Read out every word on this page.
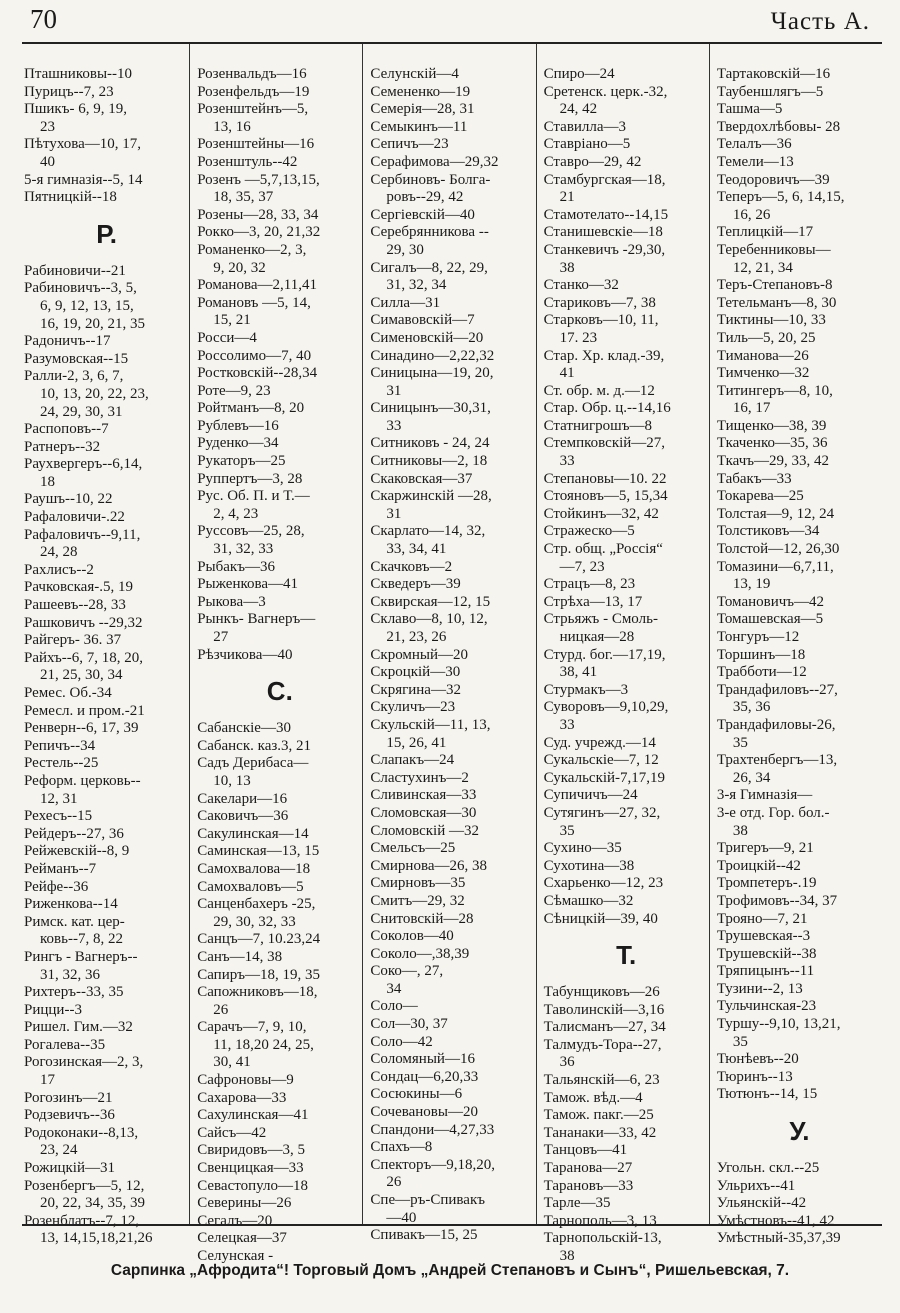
70	Часть А.
Пташниковы--10
Пурицъ--7, 23
Пшикъ- 6, 9, 19,
23
Пѣтухова—10, 17,
40
5-я гимназія--5, 14
Пятницкій--18
Р.
Рабиновичи--21
Рабиновичъ--3, 5,
6, 9, 12, 13, 15,
16, 19, 20, 21, 35
Радоничъ--17
Разумовская--15
Ралли-2, 3, 6, 7,
10, 13, 20, 22, 23,
24, 29, 30, 31
Распоповъ--7
Ратнеръ--32
Раухвергеръ--6,14,
18
Раушъ--10, 22
Рафаловичи-.22
Рафаловичъ--9,11,
24, 28
Рахлисъ--2
Рачковская-.5, 19
Рашеевъ--28, 33
Рашковичъ --29,32
Райгеръ- 36. 37
Райхъ--6, 7, 18, 20,
21, 25, 30, 34
Ремес. Об.-34
Ремесл. и пром.-21
Ренверн--6, 17, 39
Репичъ--34
Рестель--25
Реформ. церковь--
12, 31
Рехесъ--15
Рейдеръ--27, 36
Рейжевскій--8, 9
Рейманъ--7
Рейфе--36
Риженкова--14
Римск. кат. цер-
ковь--7, 8, 22
Рингъ - Вагнеръ--
31, 32, 36
Рихтеръ--33, 35
Рицци--3
Ришел. Гим.—32
Рогалева--35
Рогозинская—2, 3,
17
Рогозинъ—21
Родзевичъ--36
Родоконаки--8,13,
23, 24
Рожицкій—31
Розенбергъ—5, 12,
20, 22, 34, 35, 39
Розенблатъ--7, 12,
13, 14,15,18,21,26
Розенвальдъ—16
Розенфельдъ—19
Розенштейнъ—5,
13, 16
Розенштейны—16
Розенштуль--42
Розенъ —5,7,13,15,
18, 35, 37
Розены—28, 33, 34
Рокко—3, 20, 21,32
Романенко—2, 3,
9, 20, 32
Романова—2,11,41
Романовъ —5, 14,
15, 21
Росси—4
Россолимо—7, 40
Ростковскій--28,34
Роте—9, 23
Ройтманъ—8, 20
Рублевъ—16
Руденко—34
Рукаторъ—25
Руппертъ—3, 28
Рус. Об. П. и Т.—
2, 4, 23
Руссовъ—25, 28,
31, 32, 33
Рыбакъ—36
Рыженкова—41
Рыкова—3
Рынкъ- Вагнеръ—
27
Рѣзчикова—40
С.
Сабанскіе—30
Сабанск. каз.3, 21
Садъ Дерибаса—
10, 13
Сакелари—16
Саковичъ—36
Сакулинская—14
Саминская—13, 15
Самохвалова—18
Самохваловъ—5
Санценбахеръ -25,
29, 30, 32, 33
Санцъ—7, 10.23,24
Санъ—14, 38
Сапиръ—18, 19, 35
Сапожниковъ—18,
26
Сарачъ—7, 9, 10,
11, 18,20 24, 25,
30, 41
Сафроновы—9
Сахарова—33
Сахулинская—41
Сайсъ—42
Свиридовъ—3, 5
Свенцицкая—33
Севастопуло—18
Северины—26
Сегалъ—20
Селецкая—37
Селунская -
Селунскій—4
Семененко—19
Семерія—28, 31
Семыкинъ—11
Сепичъ—23
Серафимова—29,32
Сербиновъ- Болга-
ровъ--29, 42
Сергіевскій—40
Серебрянникова --
29, 30
Сигалъ—8, 22, 29,
31, 32, 34
Силла—31
Симавовскій—7
Сименовскій—20
Синадино—2,22,32
Синицына—19, 20,
31
Синицынъ—30,31,
33
Ситниковъ - 24, 24
Ситниковы—2, 18
Скаковская—37
Скаржинскій —28,
31
Скарлато—14, 32,
33, 34, 41
Скачковъ—2
Скведеръ—39
Сквирская—12, 15
Склаво—8, 10, 12,
21, 23, 26
Скромный—20
Скроцкій—30
Скрягина—32
Скуличъ—23
Скульскій—11, 13,
15, 26, 41
Слапакъ—24
Сластухинъ—2
Сливинская—33
Сломовская—30
Сломовскій —32
Смельсъ—25
Смирнова—26, 38
Смирновъ—35
Смитъ—29, 32
Снитовскій—28
Соколов—40
Соколо—,38,39
Соко—, 27,
34
Соло—
Сол—30, 37
Соло—42
Соломяный—16
Сондац—6,20,33
Сосюкины—6
Сочевановы—20
Спандони—4,27,33
Спахъ—8
Спекторъ—9,18,20,
26
Спе—ръ-Спивакъ
—40
Спивакъ—15, 25
Спиро—24
Сретенск. церк.-32,
24, 42
Ставилла—3
Ставріано—5
Ставро—29, 42
Стамбургская—18,
21
Стамотелато--14,15
Станишевскіе—18
Станкевичъ -29,30,
38
Станко—32
Стариковъ—7, 38
Старковъ—10, 11,
17. 23
Стар. Хр. клад.-39,
41
Ст. обр. м. д.—12
Стар. Обр. ц.--14,16
Статнигрошъ—8
Стемпковскій—27,
33
Степановы—10. 22
Стояновъ—5, 15,34
Стойкинъ—32, 42
Стражеско—5
Стр. общ. „Россія“
—7, 23
Страцъ—8, 23
Стрѣха—13, 17
Стрьяжъ - Смоль-
ницкая—28
Стурд. бог.—17,19,
38, 41
Стурмакъ—3
Суворовъ—9,10,29,
33
Суд. учрежд.—14
Сукальскіе—7, 12
Сукальскій-7,17,19
Супичичъ—24
Сутягинъ—27, 32,
35
Сухино—35
Сухотина—38
Схарьенко—12, 23
Сѣмашко—32
Сѣницкій—39, 40
Т.
Табунщиковъ—26
Таволинскій—3,16
Талисманъ—27, 34
Талмудъ-Тора--27,
36
Тальянскій—6, 23
Тамож. вѣд.—4
Тамож. пакг.—25
Тананаки—33, 42
Танцовъ—41
Таранова—27
Тарановъ—33
Тарле—35
Тарнополь—3, 13
Тарнопольскій-13,
38
Тартаковскій—16
Таубеншлягъ—5
Ташма—5
Твердохлѣбовы- 28
Телалъ—36
Темели—13
Теодоровичъ—39
Теперъ—5, 6, 14,15,
16, 26
Теплицкій—17
Теребенниковы—
12, 21, 34
Теръ-Степановъ-8
Тетельманъ—8, 30
Тиктины—10, 33
Тиль—5, 20, 25
Тиманова—26
Тимченко—32
Титингеръ—8, 10,
16, 17
Тищенко—38, 39
Ткаченко—35, 36
Ткачъ—29, 33, 42
Табакъ—33
Токарева—25
Толстая—9, 12, 24
Толстиковъ—34
Толстой—12, 26,30
Томазини—6,7,11,
13, 19
Томановичъ—42
Томашевская—5
Тонгуръ—12
Торшинъ—18
Трабботи—12
Трандафиловъ--27,
35, 36
Трандафиловы-26,
35
Трахтенбергъ—13,
26, 34
3-я Гимназія—
3-е отд. Гор. бол.-
38
Тригеръ—9, 21
Троицкій--42
Тромпетеръ-.19
Трофимовъ--34, 37
Трояно—7, 21
Трушевская--3
Трушевскій--38
Тряпицынъ--11
Тузини--2, 13
Тульчинская-23
Туршу--9,10, 13,21,
35
Тюнѣевъ--20
Тюринъ--13
Тютюнъ--14, 15
У.
Угольн. скл.--25
Ульрихъ--41
Ульянскій--42
Умѣстновъ--41, 42
Умѣстный-35,37,39
Сарпинка „Афродита“! Торговый Домъ „Андрей Степановъ и Сынъ“, Ришельевская, 7.
